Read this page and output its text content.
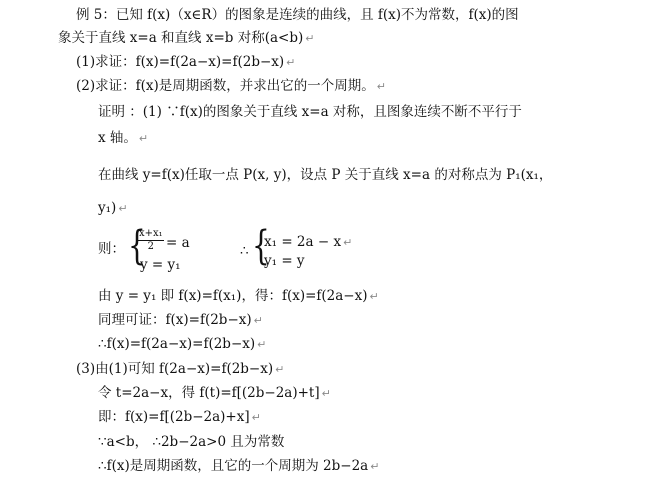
例 5：已知 f(x)（x∈R）的图象是连续的曲线，且 f(x)不为常数，f(x)的图
象关于直线 x=a 和直线 x=b 对称(a<b) ↵
(1)求证：f(x)=f(2a−x)=f(2b−x) ↵
(2)求证：f(x)是周期函数，并求出它的一个周期。 ↵
证明 ：(1) ∵f(x)的图象关于直线 x=a 对称，且图象连续不断不平行于
x 轴。 ↵
在曲线 y=f(x)任取一点 P(x, y)，设点 P 关于直线 x=a 的对称点为 P₁(x₁，
y₁) ↵
则： {
$\frac{\text{x+x₁}}{2} = a$
y = y₁
∴ {
x₁ = 2a − x ↵
y₁ = y
由 y = y₁ 即 f(x)=f(x₁)，得：f(x)=f(2a−x) ↵
同理可证：f(x)=f(2b−x) ↵
∴f(x)=f(2a−x)=f(2b−x) ↵
(3)由(1)可知 f(2a−x)=f(2b−x) ↵
令 t=2a−x，得 f(t)=f[(2b−2a)+t] ↵
即：f(x)=f[(2b−2a)+x] ↵
∵a<b， ∴2b−2a>0 且为常数
∴f(x)是周期函数，且它的一个周期为 2b−2a ↵
